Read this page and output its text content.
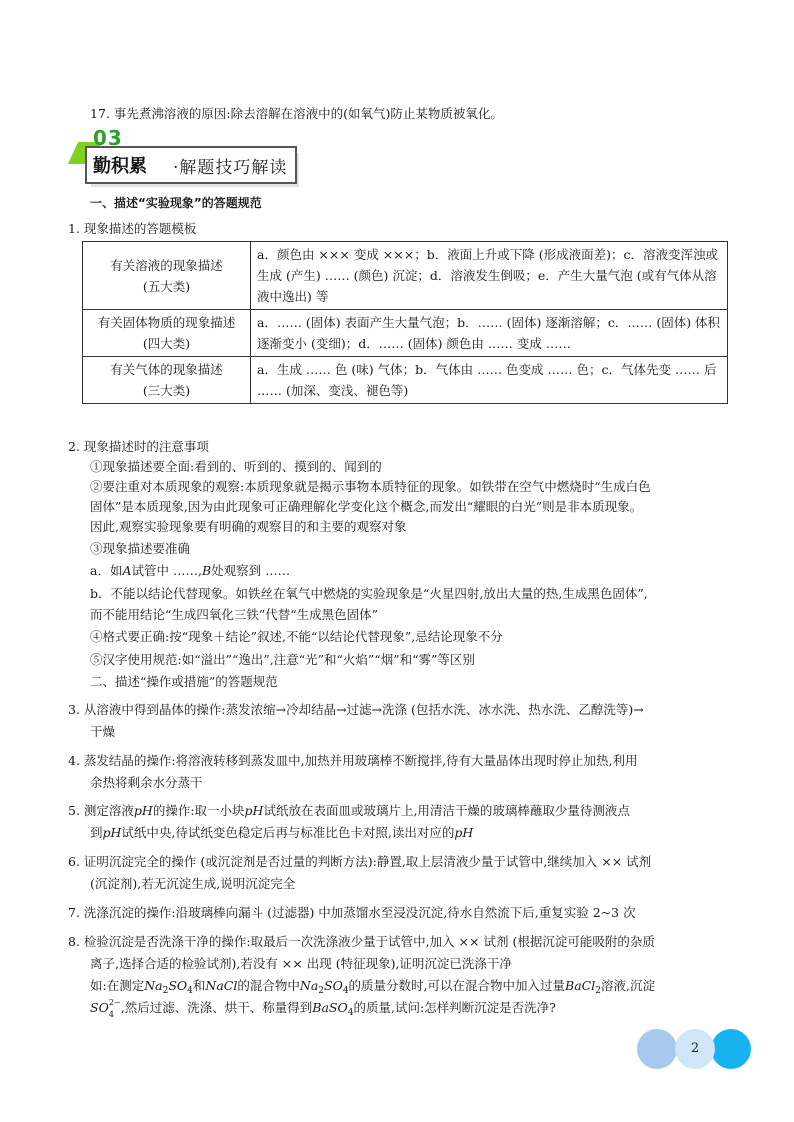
17. 事先煮沸溶液的原因:除去溶解在溶液中的(如氧气)防止某物质被氧化。
03
勤积累 ·解题技巧解读
一、描述“实验现象”的答题规范
1. 现象描述的答题模板
有关溶液的现象描述
(五大类)	a．颜色由 ××× 变成 ×××；b．液面上升或下降 (形成液面差)；c．溶液变浑浊或生成 (产生) …… (颜色) 沉淀；d．溶液发生倒吸；e．产生大量气泡 (或有气体从溶液中逸出) 等

有关固体物质的现象描述
(四大类)	a．…… (固体) 表面产生大量气泡；b．…… (固体) 逐渐溶解；c．…… (固体) 体积逐渐变小 (变细)；d．…… (固体) 颜色由 …… 变成 ……

有关气体的现象描述
(三大类)	a．生成 …… 色 (味) 气体；b．气体由 …… 色变成 …… 色；c．气体先变 …… 后 …… (加深、变浅、褪色等)
2. 现象描述时的注意事项
①现象描述要全面:看到的、听到的、摸到的、闻到的
②要注重对本质现象的观察:本质现象就是揭示事物本质特征的现象。如铁带在空气中燃烧时“生成白色
固体”是本质现象,因为由此现象可正确理解化学变化这个概念,而发出“耀眼的白光”则是非本质现象。
因此,观察实验现象要有明确的观察目的和主要的观察对象
③现象描述要准确
a．如A试管中 ……,B处观察到 ……
b．不能以结论代替现象。如铁丝在氧气中燃烧的实验现象是“火星四射,放出大量的热,生成黑色固体”,
而不能用结论“生成四氧化三铁”代替“生成黑色固体”
④格式要正确:按“现象＋结论”叙述,不能“以结论代替现象”,忌结论现象不分
⑤汉字使用规范:如“溢出”“逸出”,注意“光”和“火焰”“烟”和“雾”等区别
二、描述“操作或措施”的答题规范
3. 从溶液中得到晶体的操作:蒸发浓缩→冷却结晶→过滤→洗涤 (包括水洗、冰水洗、热水洗、乙醇洗等)→
干燥
4. 蒸发结晶的操作:将溶液转移到蒸发皿中,加热并用玻璃棒不断搅拌,待有大量晶体出现时停止加热,利用
余热将剩余水分蒸干
5. 测定溶液pH的操作:取一小块pH试纸放在表面皿或玻璃片上,用清洁干燥的玻璃棒蘸取少量待测液点
到pH试纸中央,待试纸变色稳定后再与标准比色卡对照,读出对应的pH
6. 证明沉淀完全的操作 (或沉淀剂是否过量的判断方法):静置,取上层清液少量于试管中,继续加入 ×× 试剂
(沉淀剂),若无沉淀生成,说明沉淀完全
7. 洗涤沉淀的操作:沿玻璃棒向漏斗 (过滤器) 中加蒸馏水至浸没沉淀,待水自然流下后,重复实验 2~3 次
8. 检验沉淀是否洗涤干净的操作:取最后一次洗涤液少量于试管中,加入 ×× 试剂 (根据沉淀可能吸附的杂质
离子,选择合适的检验试剂),若没有 ×× 出现 (特征现象),证明沉淀已洗涤干净
如:在测定$Na_2SO_4$和NaCl的混合物中$Na_2SO_4$的质量分数时,可以在混合物中加入过量BaCl$_2$溶液,沉淀
SO 2−
4 ,然后过滤、洗涤、烘干、称量得到BaSO$_4$的质量,试问:怎样判断沉淀是否洗净?
2
